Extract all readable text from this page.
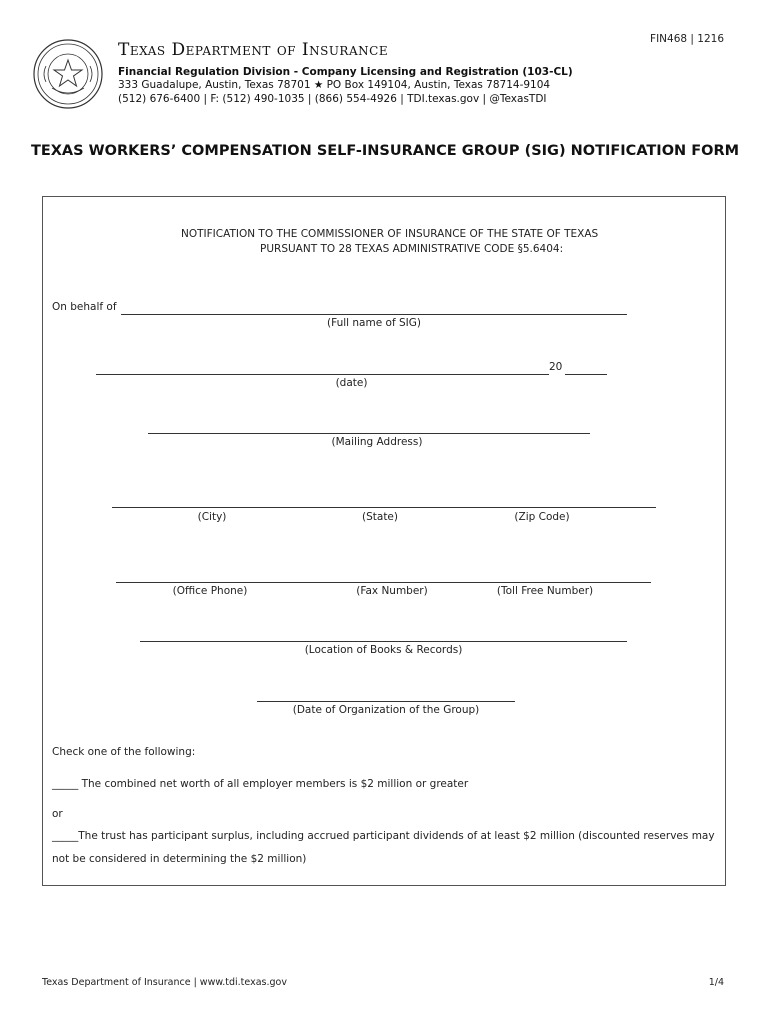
FIN468 | 1216
Texas Department of Insurance
Financial Regulation Division - Company Licensing and Registration (103-CL)
333 Guadalupe, Austin, Texas 78701 ★ PO Box 149104, Austin, Texas 78714-9104
(512) 676-6400 | F: (512) 490-1035 | (866) 554-4926 | TDI.texas.gov | @TexasTDI
TEXAS WORKERS’ COMPENSATION SELF-INSURANCE GROUP (SIG) NOTIFICATION FORM
NOTIFICATION TO THE COMMISSIONER OF INSURANCE OF THE STATE OF TEXAS
PURSUANT TO 28 TEXAS ADMINISTRATIVE CODE §5.6404:
On behalf of
(Full name of SIG)
20
(date)
(Mailing Address)
(City)	(State)	(Zip Code)
(Office Phone)	(Fax Number)	(Toll Free Number)
(Location of Books & Records)
(Date of Organization of the Group)
Check one of the following:
_____ The combined net worth of all employer members is $2 million or greater
or
_____The trust has participant surplus, including accrued participant dividends of at least $2 million (discounted reserves may
not be considered in determining the $2 million)
Texas Department of Insurance | www.tdi.texas.gov	1/4
